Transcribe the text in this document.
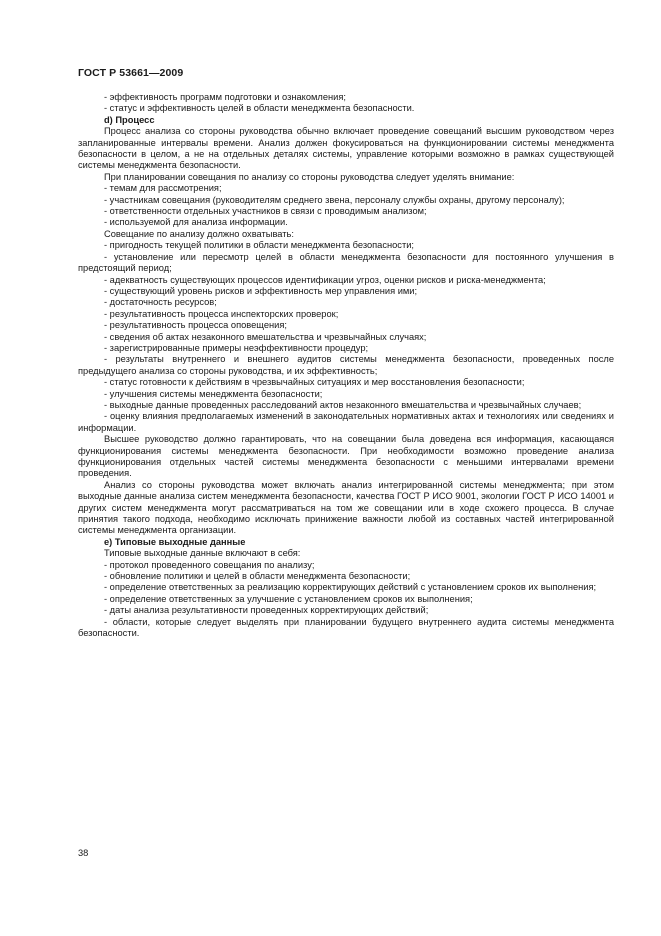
ГОСТ Р 53661—2009

- эффективность программ подготовки и ознакомления;

- статус и эффективность целей в области менеджмента безопасности.

d) Процесс

Процесс анализа со стороны руководства обычно включает проведение совещаний высшим руководством через запланированные интервалы времени. Анализ должен фокусироваться на функционировании системы менеджмента безопасности в целом, а не на отдельных деталях системы, управление которыми возможно в рамках существующей системы менеджмента безопасности.

При планировании совещания по анализу со стороны руководства следует уделять внимание:

- темам для рассмотрения;

- участникам совещания (руководителям среднего звена, персоналу службы охраны, другому персоналу);

- ответственности отдельных участников в связи с проводимым анализом;

- используемой для анализа информации.

Совещание по анализу должно охватывать:

- пригодность текущей политики в области менеджмента безопасности;

- установление или пересмотр целей в области менеджмента безопасности для постоянного улучшения в предстоящий период;

- адекватность существующих процессов идентификации угроз, оценки рисков и риска-менеджмента;

- существующий уровень рисков и эффективность мер управления ими;

- достаточность ресурсов;

- результативность процесса инспекторских проверок;

- результативность процесса оповещения;

- сведения об актах незаконного вмешательства и чрезвычайных случаях;

- зарегистрированные примеры неэффективности процедур;

- результаты внутреннего и внешнего аудитов системы менеджмента безопасности, проведенных после предыдущего анализа со стороны руководства, и их эффективность;

- статус готовности к действиям в чрезвычайных ситуациях и мер восстановления безопасности;

- улучшения системы менеджмента безопасности;

- выходные данные проведенных расследований актов незаконного вмешательства и чрезвычайных случаев;

- оценку влияния предполагаемых изменений в законодательных нормативных актах и технологиях или сведениях и информации.

Высшее руководство должно гарантировать, что на совещании была доведена вся информация, касающаяся функционирования системы менеджмента безопасности. При необходимости возможно проведение анализа функционирования отдельных частей системы менеджмента безопасности с меньшими интервалами времени проведения.

Анализ со стороны руководства может включать анализ интегрированной системы менеджмента; при этом выходные данные анализа систем менеджмента безопасности, качества ГОСТ Р ИСО 9001, экологии ГОСТ Р ИСО 14001 и других систем менеджмента могут рассматриваться на том же совещании или в ходе схожего процесса. В случае принятия такого подхода, необходимо исключать принижение важности любой из составных частей интегрированной системы менеджмента организации.

e) Типовые выходные данные

Типовые выходные данные включают в себя:

- протокол проведенного совещания по анализу;

- обновление политики и целей в области менеджмента безопасности;

- определение ответственных за реализацию корректирующих действий с установлением сроков их выполнения;

- определение ответственных за улучшение с установлением сроков их выполнения;

- даты анализа результативности проведенных корректирующих действий;

- области, которые следует выделять при планировании будущего внутреннего аудита системы менеджмента безопасности.

38
